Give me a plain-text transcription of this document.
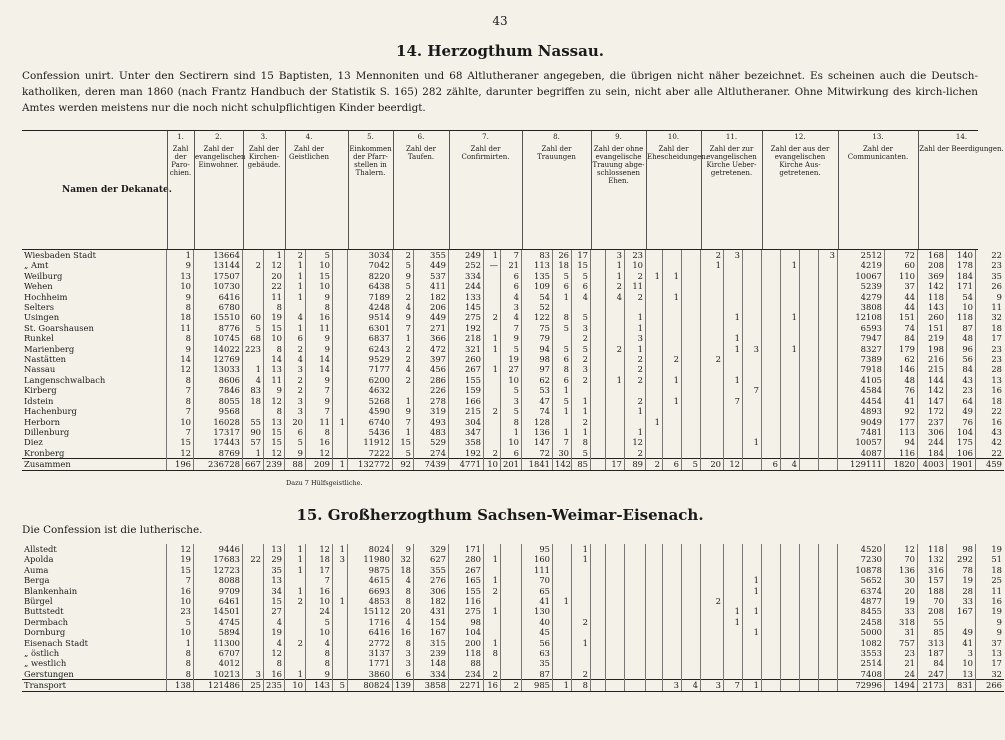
43
14. Herzogthum Nassau.
Confession unirt. Unter den Sectirern sind 15 Baptisten, 13 Mennoniten und 68 Altlutheraner angegeben, die übrigen nicht näher bezeichnet. Es scheinen auch die Deutsch-katholiken, deren man 1860 (nach Frantz Handbuch der Statistik S. 165) 282 zählte, darunter begriffen zu sein, nicht aber alle Altlutheraner. Ohne Mitwirkung des kirch-lichen Amtes werden meistens nur die noch nicht schulpflichtigen Kinder beerdigt.
Namen der Dekanate.
1.
Zahl der Paro-chien.
2.
Zahl der evangelischen Einwohner.
3.
Zahl der Kirchen-gebäude.
4.
Zahl der Geistlichen
5.
Einkommen der Pfarr-stellen in Thalern.
6.
Zahl der Taufen.
7.
Zahl der Confirmirten.
8.
Zahl der Trauungen
9.
Zahl der ohne evangelische Trauung abge-schlossenen Ehen.
10.
Zahl der Ehescheidungen.
11.
Zahl der zur evangelischen Kirche Ueber-getretenen.
12.
Zahl der aus der evangelischen Kirche Aus-getretenen.
13.
Zahl der Communicanten.
14.
Zahl der Beerdigungen.
Wiesbaden Stadt	1	13664		1	2	5		3034	2	355	249	1	7	83	26	17		3	23				2	3					3	2512	72	168	140	22
„ Amt	9	13144	2	12	1	10		7042	5	449	252	—	21	113	18	15		1	10				1				1			4219	60	208	178	23
Weilburg	13	17507		20	1	15		8220	9	537	334		6	135	5	5		1	2	1	1									10067	110	369	184	35
Wehen	10	10730		22	1	10		6438	5	411	244		6	109	6	6		2	11											5239	37	142	171	26
Hochheim	9	6416		11	1	9		7189	2	182	133		4	54	1	4		4	2		1									4279	44	118	54	9
Selters	8	6780		8		8		4248	4	206	145		3	52																3808	44	143	10	11
Usingen	18	15510	60	19	4	16		9514	9	449	275	2	4	122	8	5			1					1			1			12108	151	260	118	32
St. Goarshausen	11	8776	5	15	1	11		6301	7	271	192		7	75	5	3			1											6593	74	151	87	18
Runkel	8	10745	68	10	6	9		6837	1	366	218	1	9	79		2			3					1						7947	84	219	48	17
Marienberg	9	14022	223	8	2	9		6243	2	472	321	1	5	94	5	5		2	1					1	3		1			8327	179	198	96	23
Nastätten	14	12769		14	4	14		9529	2	397	260		19	98	6	2			2		2		2							7389	62	216	56	23
Nassau	12	13033	1	13	3	14		7177	4	456	267	1	27	97	8	3			2											7918	146	215	84	28
Langenschwalbach	8	8606	4	11	2	9		6200	2	286	155		10	62	6	2		1	2		1			1						4105	48	144	43	13
Kirberg	7	7846	83	9	2	7		4632		226	159		5	53	1										7					4584	76	142	23	16
Idstein	8	8055	18	12	3	9		5268	1	278	166		3	47	5	1			2		1			7						4454	41	147	64	18
Hachenburg	7	9568		8	3	7		4590	9	319	215	2	5	74	1	1			1											4893	92	172	49	22
Herborn	10	16028	55	13	20	11	1	6740	7	493	304		8	128		2				1										9049	177	237	76	16
Dillenburg	7	17317	90	15	6	8		5436	1	483	347		1	136	1	1			1											7481	113	306	104	43
Diez	15	17443	57	15	5	16		11912	15	529	358		10	147	7	8			12						1					10057	94	244	175	42
Kronberg	12	8769	1	12	9	12		7222	5	274	192	2	6	72	30	5			2											4087	116	184	106	22
Zusammen	196	236728	667	239	88	209	1	132772	92	7439	4771	10	201	1841	142	85		17	89	2	6	5	20	12		6	4			129111	1820	4003	1901	459
Dazu 7 Hülfsgeistliche.
15. Großherzogthum Sachsen-Weimar-Eisenach.
Die Confession ist die lutherische.
Allstedt	12	9446		13	1	12	1	8024	9	329	171			95		1														4520	12	118	98	19
Apolda	19	17683	22	29	1	18	3	11980	32	627	280	1		160		1														7230	70	132	292	51
Auma	15	12723		35	1	17		9875	18	355	267			111																10878	136	316	78	18
Berga	7	8088		13		7		4615	4	276	165	1		70											1					5652	30	157	19	25
Blankenhain	16	9709		34	1	16		6693	8	306	155	2		65											1					6374	20	188	28	11
Bürgel	10	6461		15	2	10	1	4853	8	182	116			41	1								2							4877	19	70	33	16
Buttstedt	23	14501		27		24		15112	20	431	275	1		130										1	1					8455	33	208	167	19
Dermbach	5	4745		4		5		1716	4	154	98			40		2								1						2458	318	55		9
Dornburg	10	5894		19		10		6416	16	167	104			45											1					5000	31	85	49	9
Eisenach Stadt	1	11300		4	2	4		2772	8	315	200	1		56		1														1082	757	313	41	37
„ östlich	8	6707		12		8		3137	3	239	118	8		63																3553	23	187	3	13
„ westlich	8	4012		8		8		1771	3	148	88			35																2514	21	84	10	17
Gerstungen	8	10213	3	16	1	9		3860	6	334	234	2		87		2														7408	24	247	13	32
Transport	138	121486	25	235	10	143	5	80824	139	3858	2271	16	2	985	1	8					3	4	3	7	1					72996	1494	2173	831	266
